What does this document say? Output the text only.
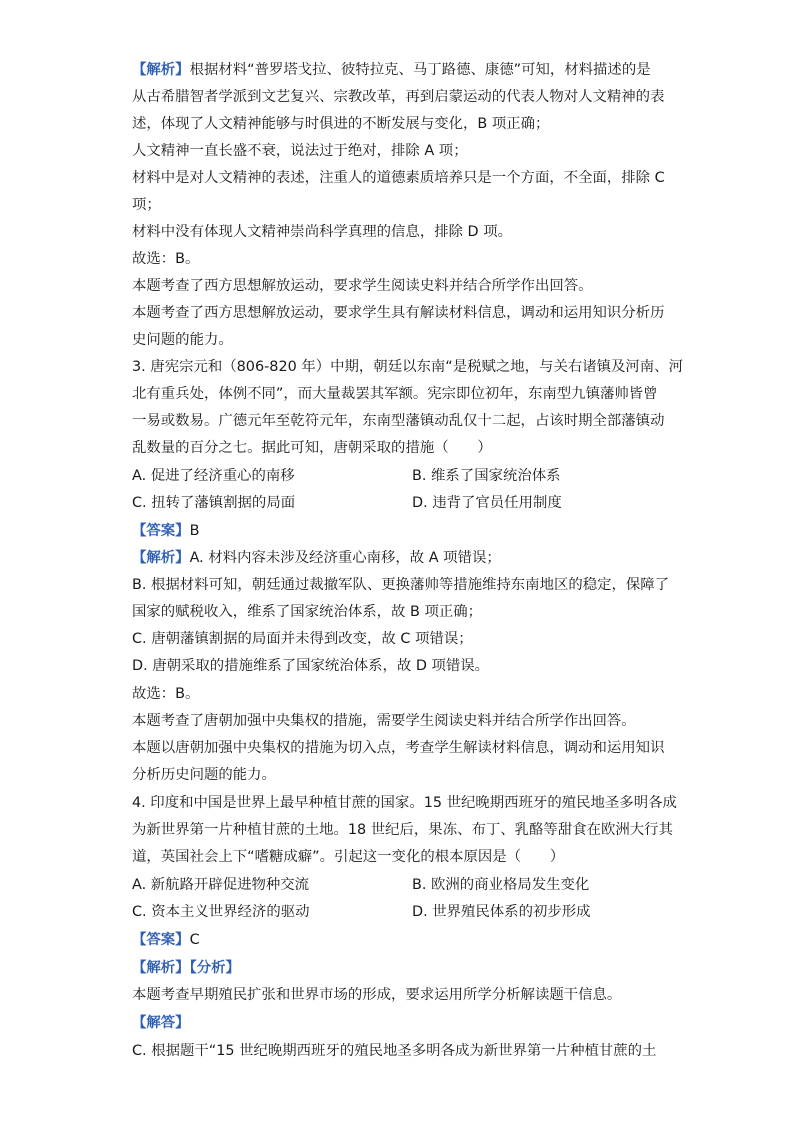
【解析】根据材料“普罗塔戈拉、彼特拉克、马丁路德、康德”可知，材料描述的是
从古希腊智者学派到文艺复兴、宗教改革，再到启蒙运动的代表人物对人文精神的表
述，体现了人文精神能够与时俱进的不断发展与变化，B 项正确；
人文精神一直长盛不衰，说法过于绝对，排除 A 项；
材料中是对人文精神的表述，注重人的道德素质培养只是一个方面，不全面，排除 C
项；
材料中没有体现人文精神崇尚科学真理的信息，排除 D 项。
故选：B。
本题考查了西方思想解放运动，要求学生阅读史料并结合所学作出回答。
本题考查了西方思想解放运动，要求学生具有解读材料信息，调动和运用知识分析历
史问题的能力。
3. 唐宪宗元和（806-820 年）中期，朝廷以东南“是税赋之地，与关右诸镇及河南、河
北有重兵处，体例不同”，而大量裁罢其军额。宪宗即位初年，东南型九镇藩帅皆曾
一易或数易。广德元年至乾符元年，东南型藩镇动乱仅十二起，占该时期全部藩镇动
乱数量的百分之七。据此可知，唐朝采取的措施（　　）
A. 促进了经济重心的南移	B. 维系了国家统治体系
C. 扭转了藩镇割据的局面	D. 违背了官员任用制度
【答案】B
【解析】A. 材料内容未涉及经济重心南移，故 A 项错误；
B. 根据材料可知，朝廷通过裁撤军队、更换藩帅等措施维持东南地区的稳定，保障了
国家的赋税收入，维系了国家统治体系，故 B 项正确；
C. 唐朝藩镇割据的局面并未得到改变，故 C 项错误；
D. 唐朝采取的措施维系了国家统治体系，故 D 项错误。
故选：B。
本题考查了唐朝加强中央集权的措施，需要学生阅读史料并结合所学作出回答。
本题以唐朝加强中央集权的措施为切入点，考查学生解读材料信息，调动和运用知识
分析历史问题的能力。
4. 印度和中国是世界上最早种植甘蔗的国家。15 世纪晚期西班牙的殖民地圣多明各成
为新世界第一片种植甘蔗的土地。18 世纪后，果冻、布丁、乳酪等甜食在欧洲大行其
道，英国社会上下“嗜糖成癖”。引起这一变化的根本原因是（　　）
A. 新航路开辟促进物种交流	B. 欧洲的商业格局发生变化
C. 资本主义世界经济的驱动	D. 世界殖民体系的初步形成
【答案】C
【解析】【分析】
本题考查早期殖民扩张和世界市场的形成，要求运用所学分析解读题干信息。
【解答】
C. 根据题干“15 世纪晚期西班牙的殖民地圣多明各成为新世界第一片种植甘蔗的土
